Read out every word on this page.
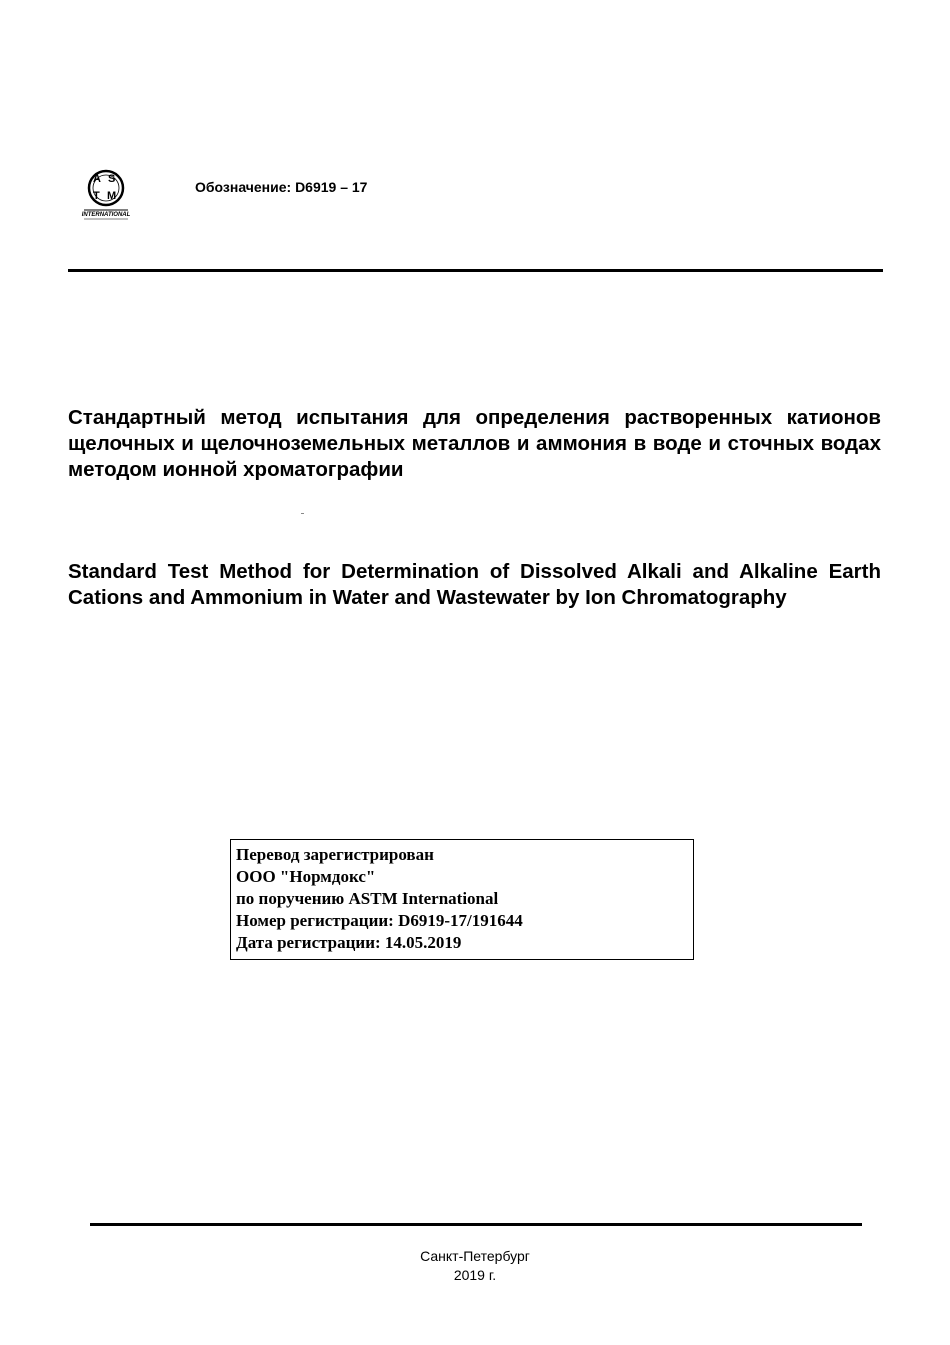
A S
T M
INTERNATIONAL
Обозначение: D6919 – 17

Стандартный метод испытания для определения растворенных катионов щелочных и щелочноземельных металлов и аммония в воде и сточных водах методом ионной хроматографии

Standard Test Method for Determination of Dissolved Alkali and Alkaline Earth Cations and Ammonium in Water and Wastewater by Ion Chromatography

Перевод зарегистрирован
ООО "Нормдокс"
по поручению ASTM International
Номер регистрации: D6919-17/191644
Дата регистрации: 14.05.2019
Санкт-Петербург
2019 г.
